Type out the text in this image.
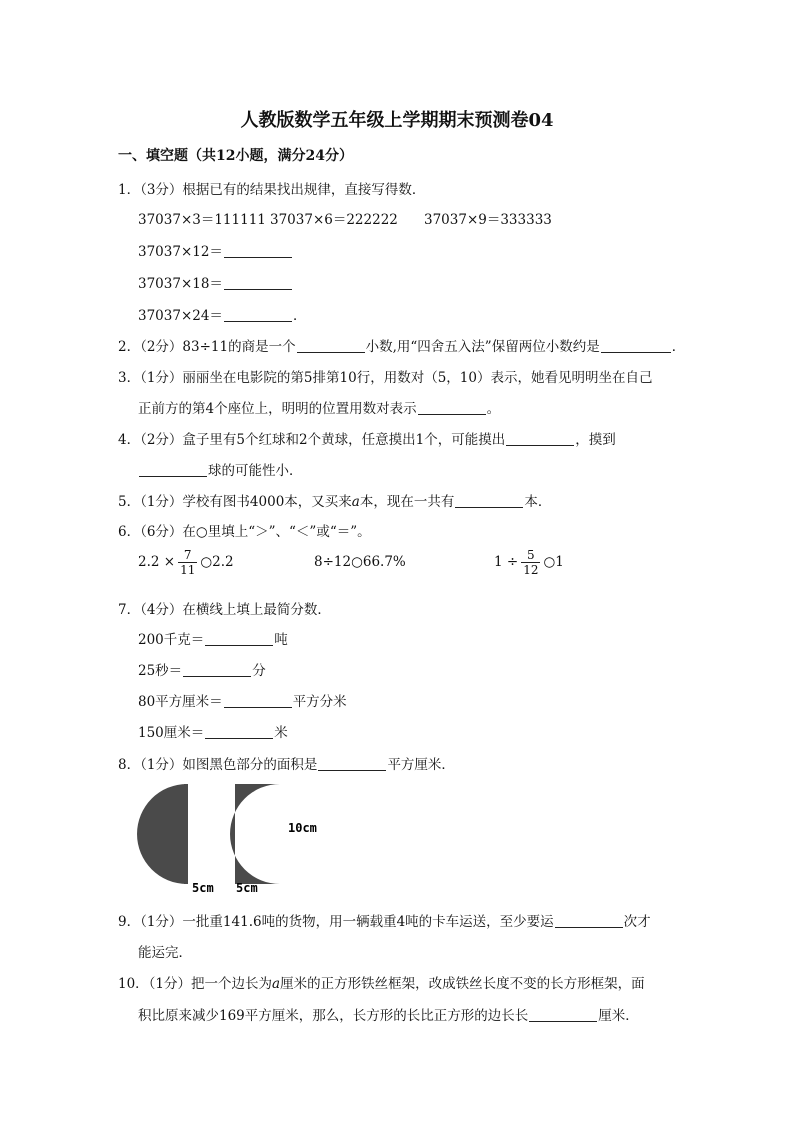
人教版数学五年级上学期期末预测卷04
一、填空题（共12小题，满分24分）
1．（3分）根据已有的结果找出规律，直接写得数．
37037×3＝111111 37037×6＝222222 37037×9＝333333
37037×12＝
37037×18＝
37037×24＝	．
2．（2分）83÷11的商是一个	小数,用“四舍五入法”保留两位小数约是	．
3．（1分）丽丽坐在电影院的第5排第10行，用数对（5，10）表示，她看见明明坐在自己
正前方的第4个座位上，明明的位置用数对表示	。
4．（2分）盒子里有5个红球和2个黄球，任意摸出1个，可能摸出	，摸到
球的可能性小．
5．（1分）学校有图书4000本，又买来a本，现在一共有	本．
6．（6分）在○里填上“＞”、“＜”或“＝”。
$2.2 \times \frac{7}{11}$ ○2.2	8÷12○66.7%	$1 \div \frac{5}{12}$ ○1
7．（4分）在横线上填上最简分数．
200千克＝	吨
25秒＝	分
80平方厘米＝	平方分米
150厘米＝	米
8．（1分）如图黑色部分的面积是	平方厘米．
10cm
5cm 5cm
9．（1分）一批重141.6吨的货物，用一辆载重4吨的卡车运送，至少要运	次才
能运完．
10．（1分）把一个边长为a厘米的正方形铁丝框架，改成铁丝长度不变的长方形框架，面
积比原来减少169平方厘米，那么，长方形的长比正方形的边长长	厘米．
